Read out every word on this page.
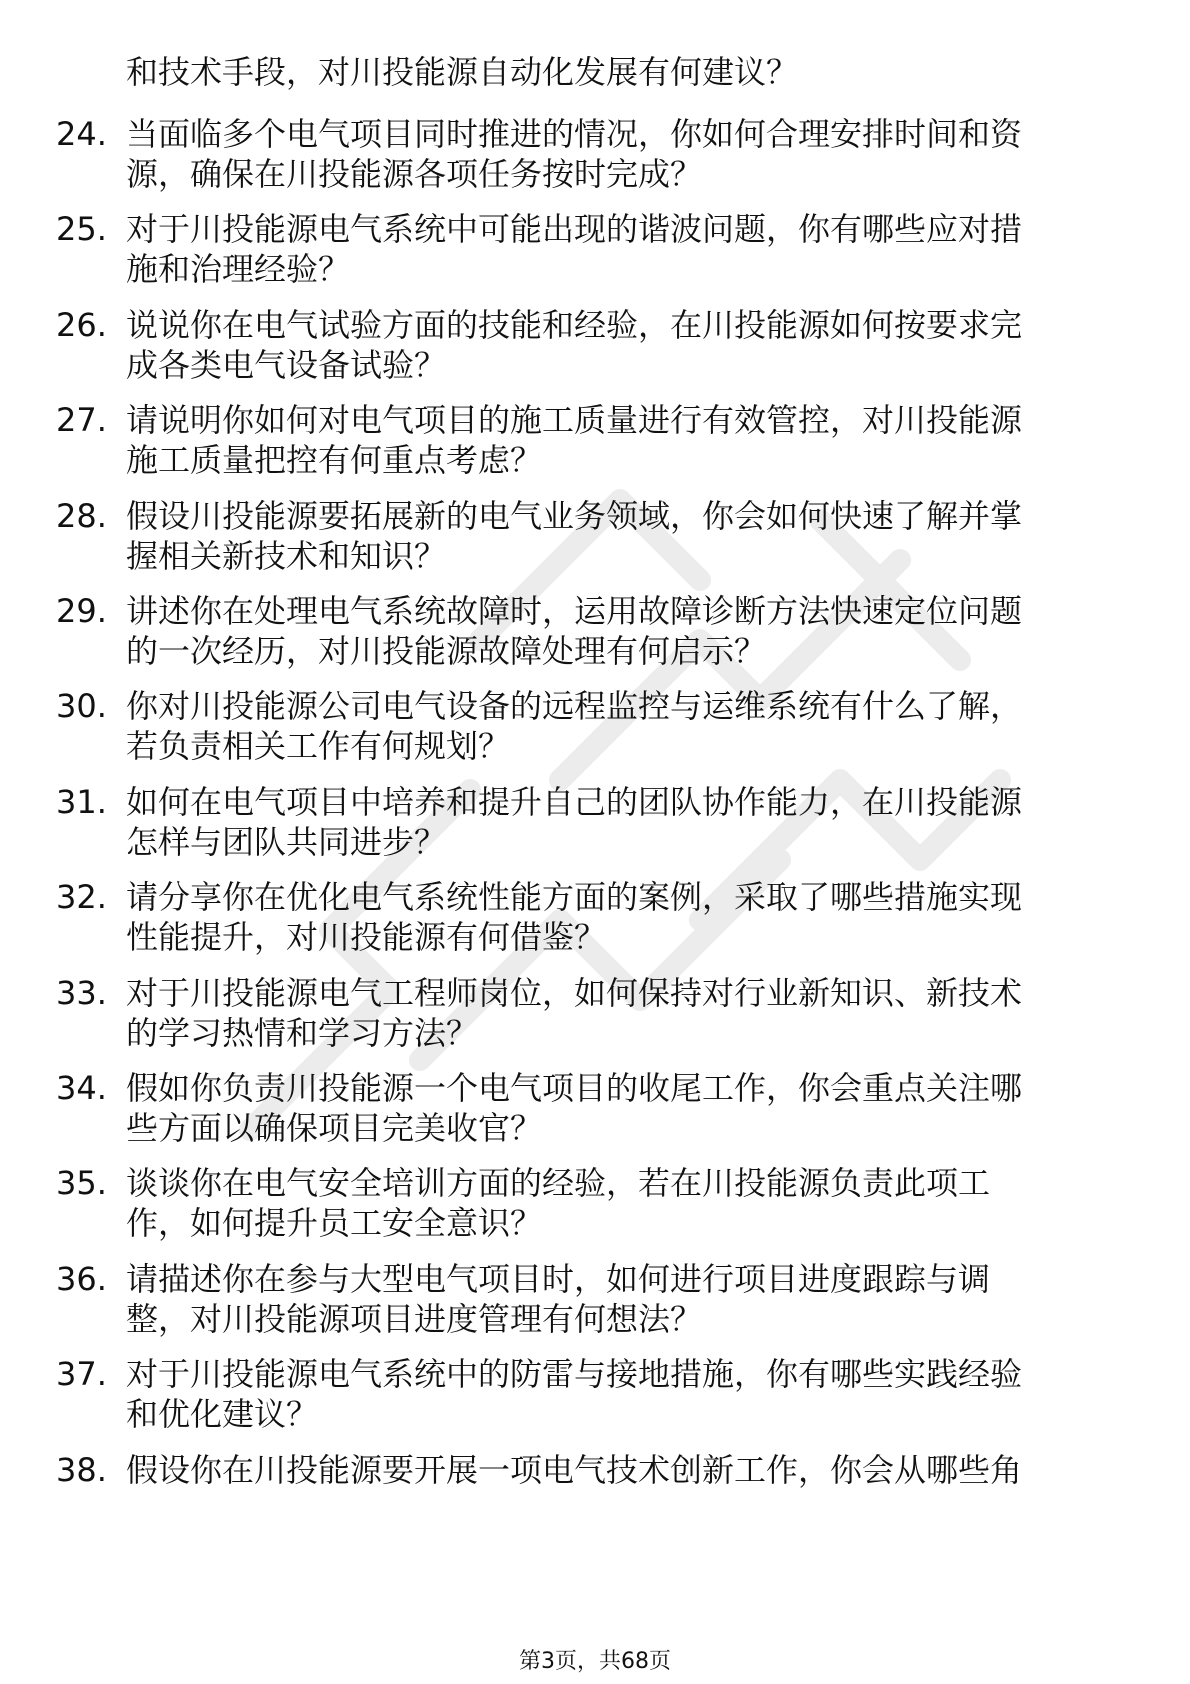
和技术手段，对川投能源自动化发展有何建议？
24. 当面临多个电气项目同时推进的情况，你如何合理安排时间和资
源，确保在川投能源各项任务按时完成？
25. 对于川投能源电气系统中可能出现的谐波问题，你有哪些应对措
施和治理经验？
26. 说说你在电气试验方面的技能和经验，在川投能源如何按要求完
成各类电气设备试验？
27. 请说明你如何对电气项目的施工质量进行有效管控，对川投能源
施工质量把控有何重点考虑？
28. 假设川投能源要拓展新的电气业务领域，你会如何快速了解并掌
握相关新技术和知识？
29. 讲述你在处理电气系统故障时，运用故障诊断方法快速定位问题
的一次经历，对川投能源故障处理有何启示？
30. 你对川投能源公司电气设备的远程监控与运维系统有什么了解，
若负责相关工作有何规划？
31. 如何在电气项目中培养和提升自己的团队协作能力，在川投能源
怎样与团队共同进步？
32. 请分享你在优化电气系统性能方面的案例，采取了哪些措施实现
性能提升，对川投能源有何借鉴？
33. 对于川投能源电气工程师岗位，如何保持对行业新知识、新技术
的学习热情和学习方法？
34. 假如你负责川投能源一个电气项目的收尾工作，你会重点关注哪
些方面以确保项目完美收官？
35. 谈谈你在电气安全培训方面的经验，若在川投能源负责此项工
作，如何提升员工安全意识？
36. 请描述你在参与大型电气项目时，如何进行项目进度跟踪与调
整，对川投能源项目进度管理有何想法？
37. 对于川投能源电气系统中的防雷与接地措施，你有哪些实践经验
和优化建议？
38. 假设你在川投能源要开展一项电气技术创新工作，你会从哪些角
第3页，共68页
